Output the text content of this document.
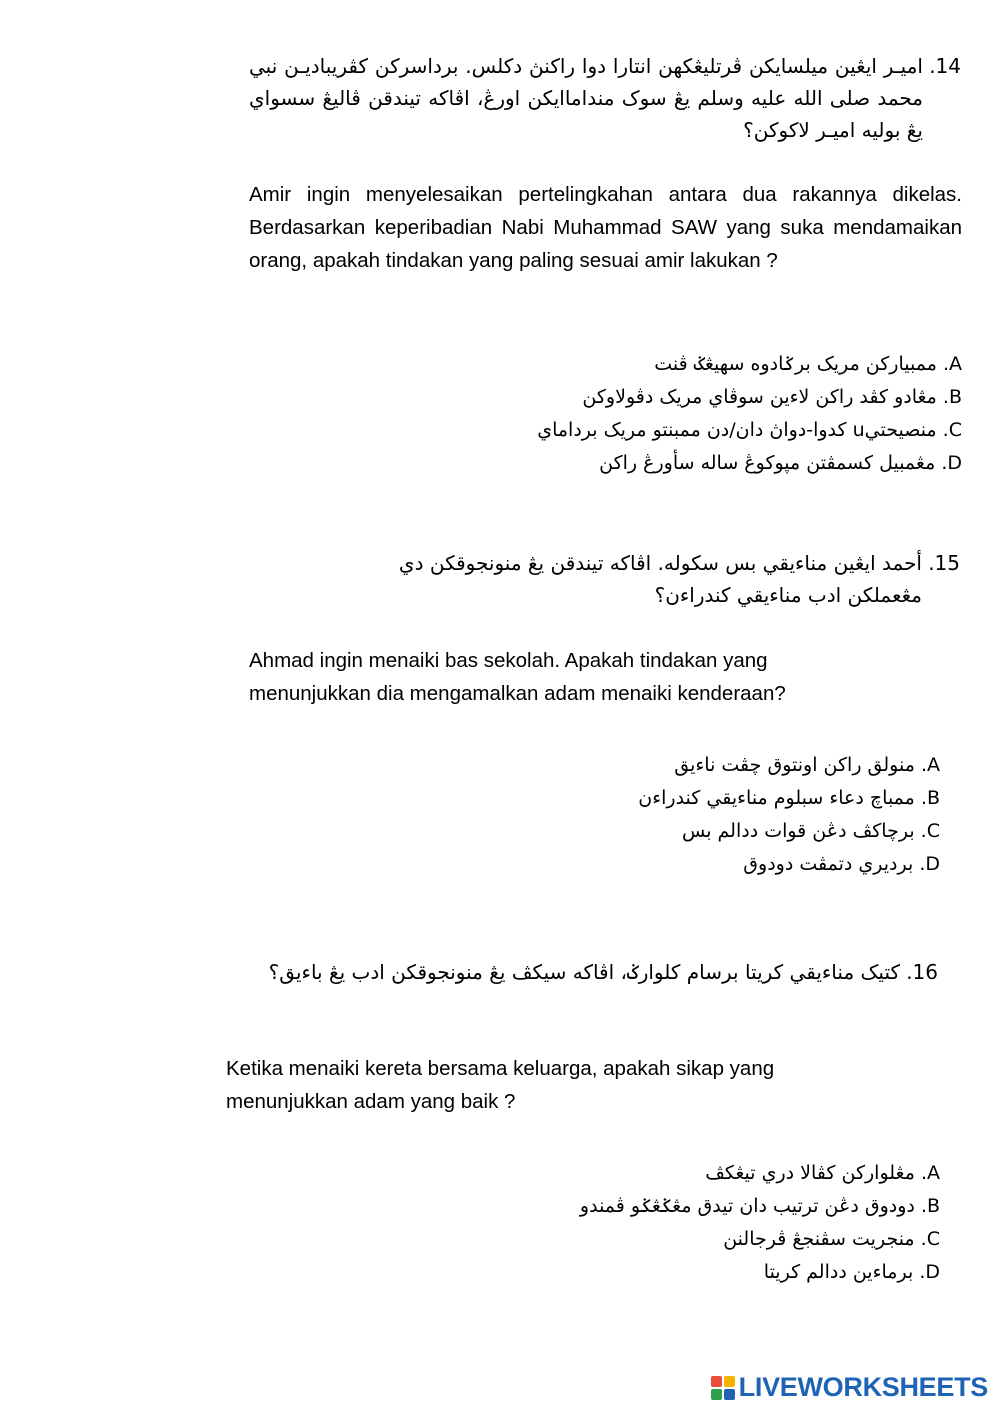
14.
اميـر ايڠين ميلسايكن ڤرتليڠكهن انتارا دوا راكنڽ دكلس. برداسركن كڤريباديـن نبي محمد صلى الله عليه وسلم يڠ سوک منداماايكن اورڠ، اڤاكه تيندقن ڤاليڠ سسواي يڠ بوليه اميـر لاكوكن؟
Amir ingin menyelesaikan pertelingkahan antara dua rakannya dikelas. Berdasarkan keperibadian Nabi Muhammad SAW yang suka mendamaikan orang, apakah tindakan yang paling sesuai amir lakukan ?
A. ممبيارکن مريک برݢادوه سهيڠݢ ڤنت
B. مڠادو كڤد راكن لاءين سوڤاي مريک دڤولاوكن
C. منصيحتيu كدوا-دواڽ دان/دن ممبنتو مريک برداماي
D. مڠمبيل كسمڤتن مڽوكوڠ ساله سأورڠ راكن
15.
أحمد ايڠين مناءيقي بس سكوله. اڤاكه تيندقن يڠ منونجوقكن دي مڠعملكن ادب مناءيقي كندراءن؟
Ahmad ingin menaiki bas sekolah. Apakah tindakan yang menunjukkan dia mengamalkan adam menaiki kenderaan?
A. منولق راكن اونتوق چڤت ناءيق
B. ممباچ دعاء سبلوم مناءيقي كندراءن
C. برچاكڤ دڠن قوات ددالم بس
D. برديري دتمڤت دودوق
16.
كتيک مناءيقي كريتا برسام كلوارݢ، اڤاكه سيكڤ يڠ منونجوقكن ادب يڠ باءيق؟
Ketika menaiki kereta bersama keluarga, apakah sikap yang menunjukkan adam yang baik ?
A. مڠلواركن كڤالا دري تيڠكڤ
B. دودوق دڠن ترتيب دان تيدق مڠݢڠݢو ڤمندو
C. منجريت سڤنجڠ ڤرجالنن
D. برماءين ددالم كريتا
LIVEWORKSHEETS
